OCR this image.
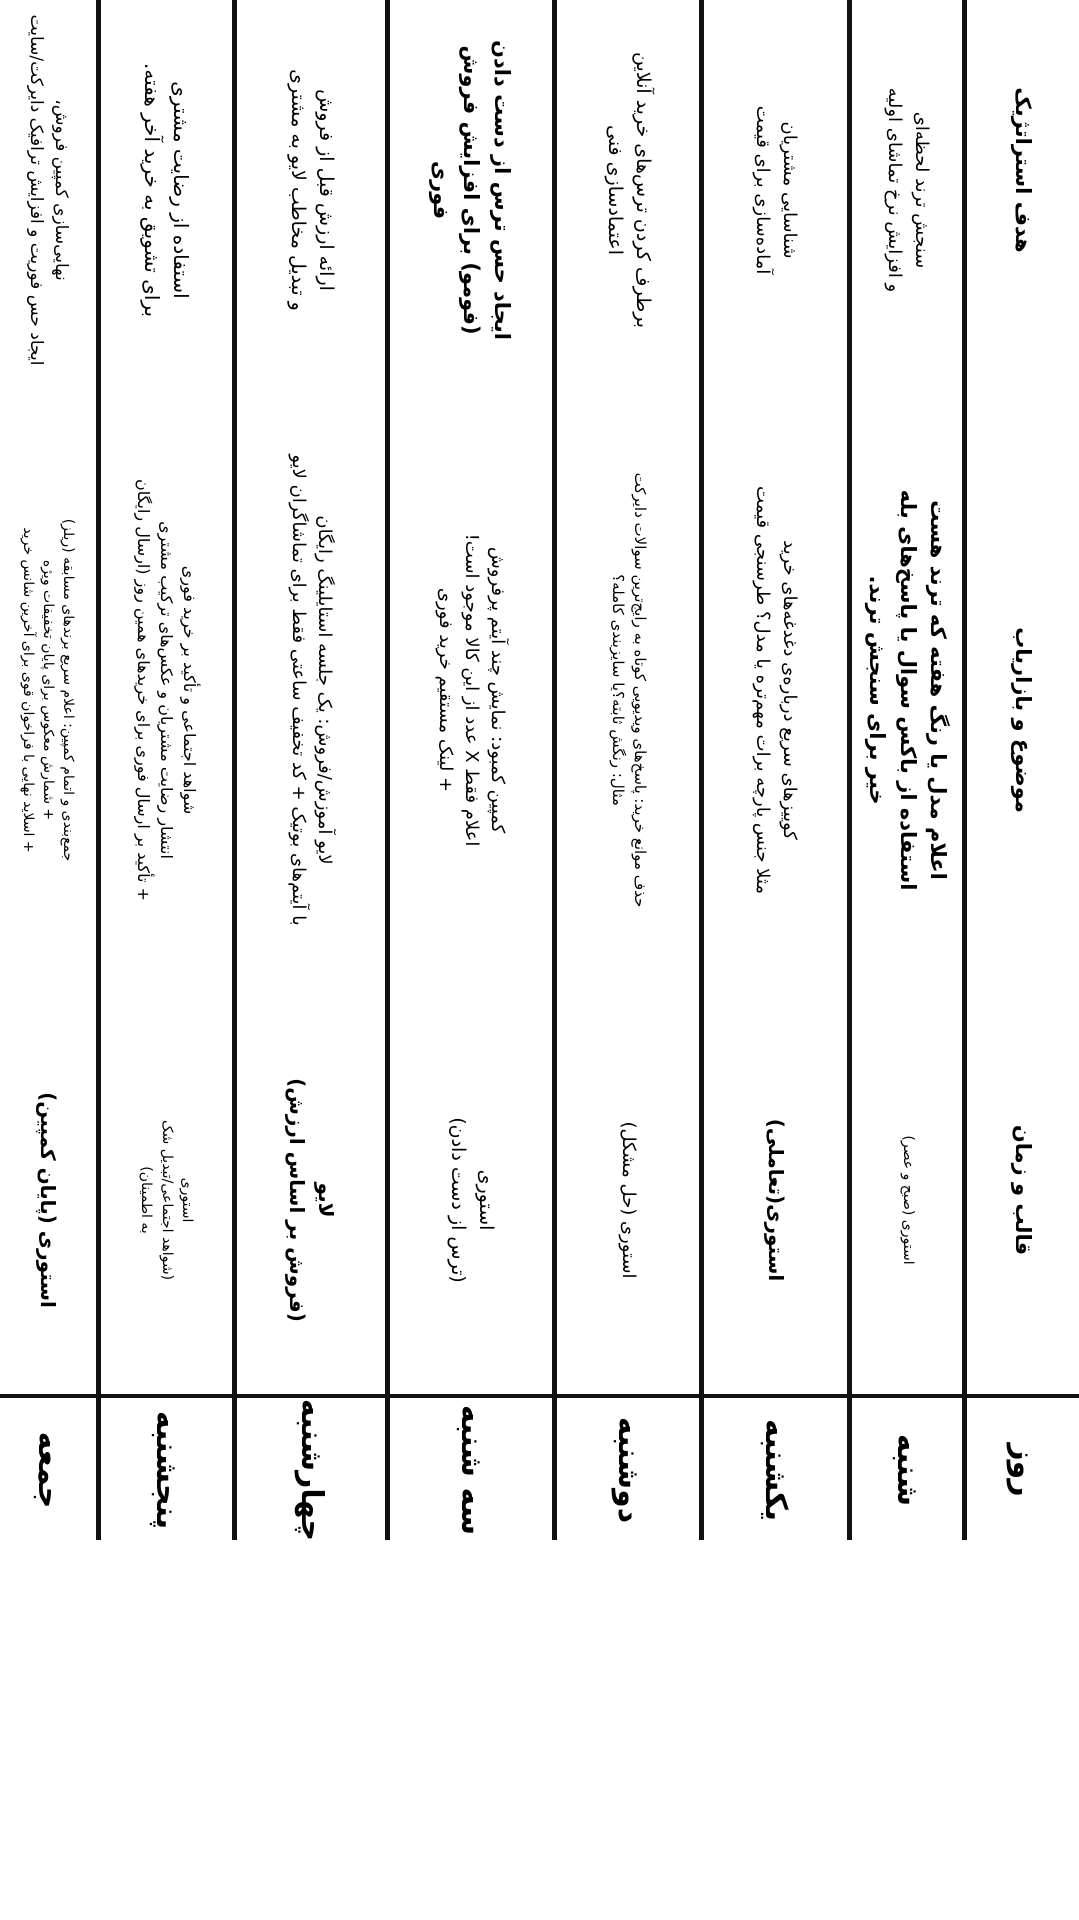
هدف استراتژیک
موضوع و بازاریاب
قالب و زمان
روز
سنجش ترند لحظه‌ای
و افزایش نرخ تماشای اولیه
اعلام مدل یا رنگ هفته که ترند هست
استفاده از باکس سوال یا پاسخ‌های بله
خیر برای سنجش ترند.
استوری (صبح و عصر)
شنبه
شناسایی مشتریان
آماده‌سازی برای قیمت
کوییزهای سریع درباره‌ی دغدغه‌های خرید
مثلا جنس پارچه برات مهم‌تره یا مدل؟ طرسنجی قیمت
استوری(تعاملی)
یکشنبه
برطرف کردن ترس‌های خرید آنلاین
اعتمادسازی فنی
حذف موانع خرید: پاسخ‌های ویدیویی کوتاه به رایج‌ترین سوالات دایرکت
مثال: رنگش ثابته؟یا سایزبندی کامله؟
استوری (حل مشکل)
دوشنبه
ایجاد حس ترس از دست دادن
(فومو) برای افزایش فروش فوری
کمپین کمبود: نمایش چند آیتم پرفروش
اعلام فقط X عدد از این کالا موجود است!
+ لینک مستقیم خرید فوری
استوری
(ترس از دست دادن)
سه شنبه
ارائه ارزش قبل از فروش
و تبدیل مخاطب لایو به مشتری
لایو آموزش/فروش: یک جلسه استایلینگ رایگان
با آیتم‌های بوتیک + کد تخفیف ساعتی فقط برای تماشاگران لایو
لایو
(فروش بر اساس ارزش)
چهارشنبه
استفاده از رضایت مشتری
برای تشویق به خرید آخر هفته.
شواهد اجتماعی و تأکید بر خرید فوری
انتشار رضایت مشتریان و عکس‌های ترکیب مشتری
+ تأکید بر ارسال فوری برای خریدهای همین روز (ارسال رایگان
استوری
(شواهد اجتماعی/تبدیل شک
به اطمینان)
پنجشنبه
نهایی‌سازی کمپین فروش،
ایجاد حس فوریت و افزایش ترافیک دایرکت/سایت
جمع‌بندی و اتمام کمپین: اعلام سریع برندهای مسابقه (ریلز)
+ شمارش معکوس برای پایان تخفیفات ویژه
+ اسلاید نهایی با فراخوان قوی برای آخرین شانس خرید
استوری (پایان کمپین)
جمعه
